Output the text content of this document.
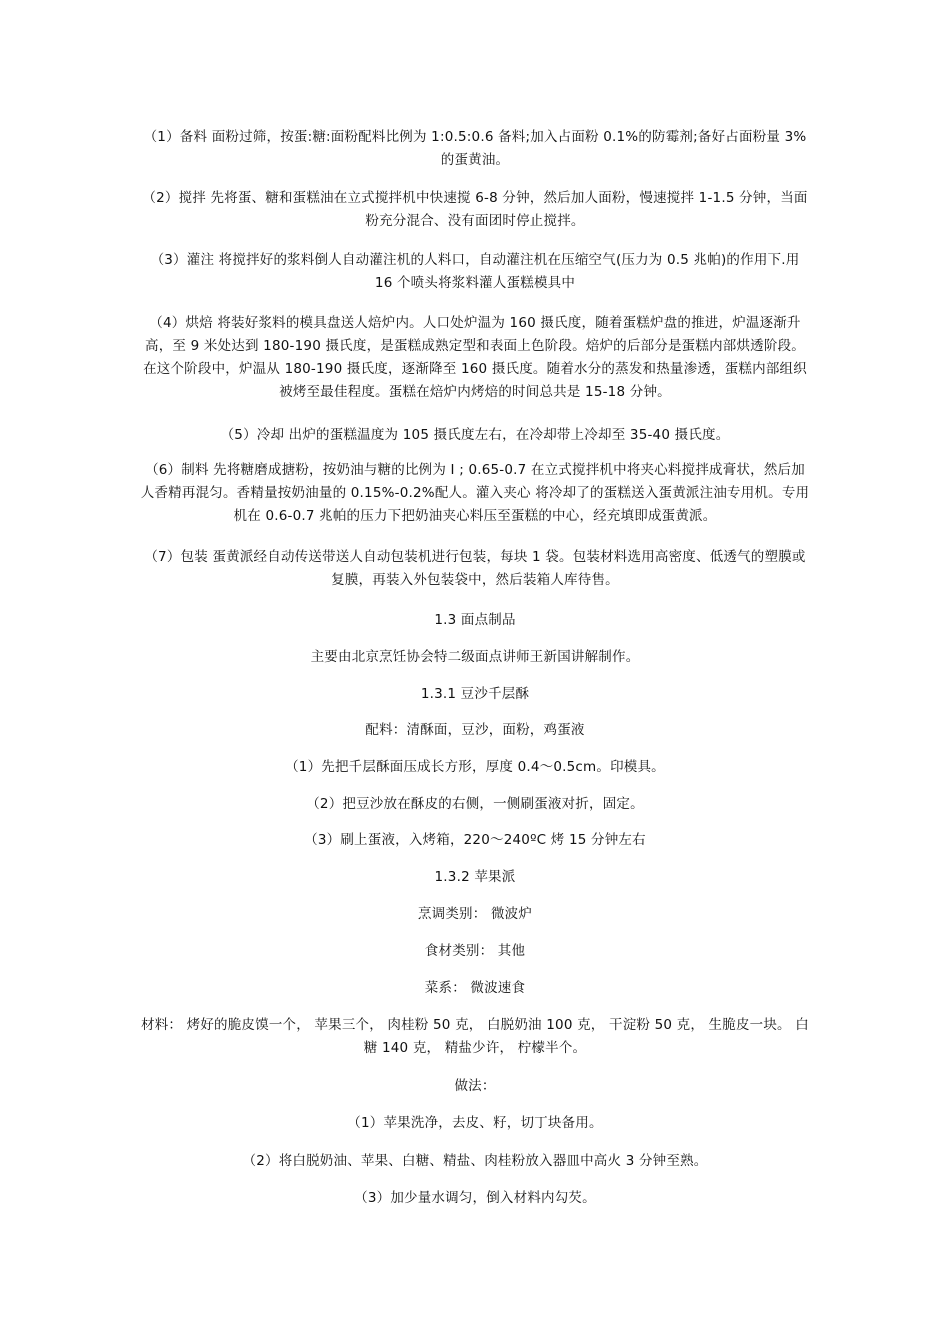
（1）备料 面粉过筛，按蛋:糖:面粉配料比例为 1:0.5:0.6 备料;加入占面粉 0.1%的防霉剂;备好占面粉量 3%的蛋黄油。

（2）搅拌 先将蛋、糖和蛋糕油在立式搅拌机中快速搅 6-8 分钟，然后加人面粉，慢速搅拌 1-1.5 分钟，当面粉充分混合、没有面团时停止搅拌。

（3）灌注 将搅拌好的浆料倒人自动灌注机的人料口，自动灌注机在压缩空气(压力为 0.5 兆帕)的作用下.用 16 个喷头将浆料灌人蛋糕模具中

（4）烘焙 将装好浆料的模具盘送人焙炉内。人口处炉温为 160 摄氏度，随着蛋糕炉盘的推进，炉温逐渐升高，至 9 米处达到 180-190 摄氏度，是蛋糕成熟定型和表面上色阶段。焙炉的后部分是蛋糕内部烘透阶段。在这个阶段中，炉温从 180-190 摄氏度，逐渐降至 160 摄氏度。随着水分的蒸发和热量渗透，蛋糕内部组织被烤至最佳程度。蛋糕在焙炉内烤焙的时间总共是 15-18 分钟。

（5）冷却 出炉的蛋糕温度为 105 摄氏度左右，在冷却带上冷却至 35-40 摄氏度。

（6）制料 先将糖磨成搪粉，按奶油与糖的比例为 I ; 0.65-0.7 在立式搅拌机中将夹心料搅拌成膏状，然后加人香精再混匀。香精量按奶油量的 0.15%-0.2%配人。灌入夹心 将冷却了的蛋糕送入蛋黄派注油专用机。专用机在 0.6-0.7 兆帕的压力下把奶油夹心料压至蛋糕的中心，经充填即成蛋黄派。

（7）包装 蛋黄派经自动传送带送人自动包装机进行包装，每块 1 袋。包装材料选用高密度、低透气的塑膜或复膜，再装入外包装袋中，然后装箱人库待售。

1.3 面点制品

主要由北京烹饪协会特二级面点讲师王新国讲解制作。

1.3.1 豆沙千层酥

配料：清酥面，豆沙，面粉，鸡蛋液

（1）先把千层酥面压成长方形，厚度 0.4～0.5cm。印模具。

（2）把豆沙放在酥皮的右侧，一侧刷蛋液对折，固定。

（3）刷上蛋液，入烤箱，220～240ºC 烤 15 分钟左右

1.3.2 苹果派

烹调类别： 微波炉

食材类别： 其他

菜系： 微波速食

材料： 烤好的脆皮馍一个， 苹果三个， 肉桂粉 50 克， 白脱奶油 100 克， 干淀粉 50 克， 生脆皮一块。 白糖 140 克， 精盐少许， 柠檬半个。

做法：

（1）苹果洗净，去皮、籽，切丁块备用。

（2）将白脱奶油、苹果、白糖、精盐、肉桂粉放入器皿中高火 3 分钟至熟。

（3）加少量水调匀，倒入材料内勾芡。
